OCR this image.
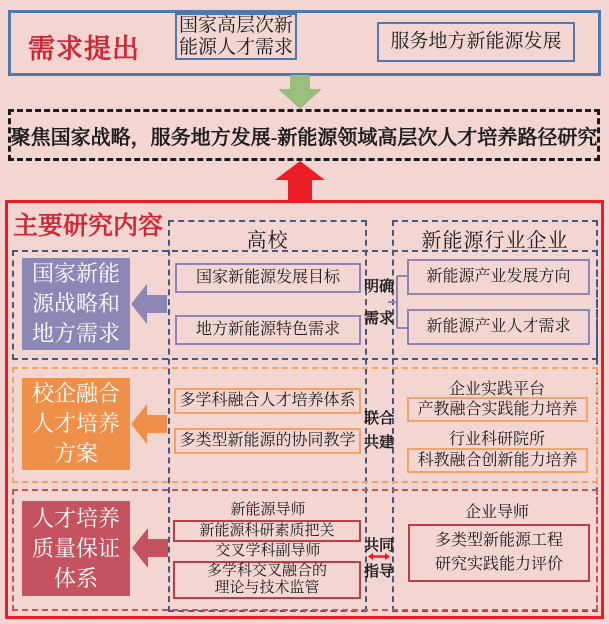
需求提出
国家高层次新
能源人才需求	服务地方新能源发展
聚焦国家战略，服务地方发展-新能源领域高层次人才培养路径研究
主要研究内容
高校	新能源行业企业
国家新能
源战略和
地方需求
国家新能源发展目标
地方新能源特色需求
明确
需求
新能源产业发展方向
新能源产业人才需求
校企融合
人才培养
方案
多学科融合人才培养体系
多类型新能源的协同教学
联合
共建
企业实践平台
产教融合实践能力培养
行业科研院所
科教融合创新能力培养
人才培养
质量保证
体系
新能源导师
新能源科研素质把关
交叉学科副导师
多学科交叉融合的
理论与技术监管
共同
指导
企业导师
多类型新能源工程
研究实践能力评价
